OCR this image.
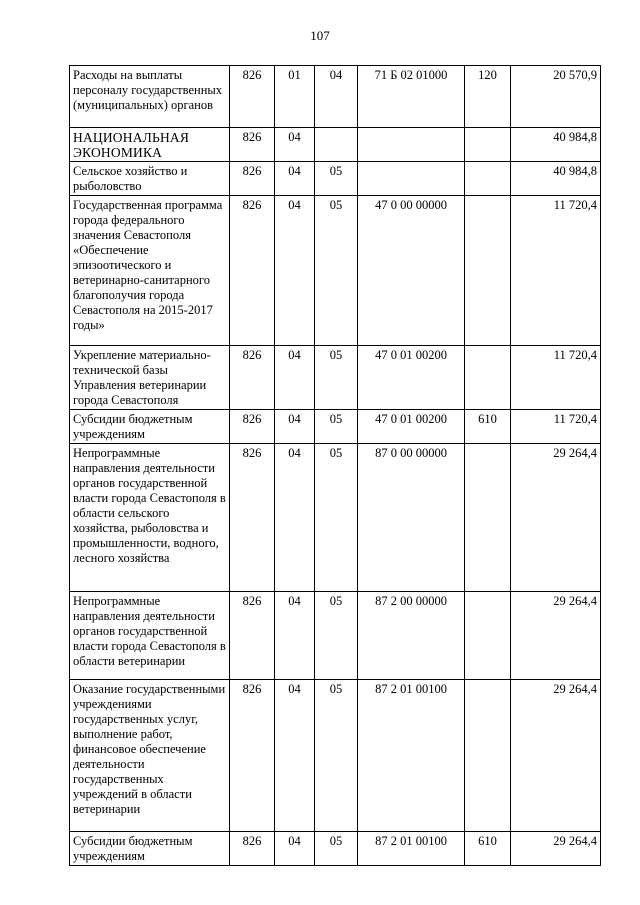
107
Расходы на выплаты персоналу государственных (муниципальных) органов	826	01	04	71 Б 02 01000	120	20 570,9
НАЦИОНАЛЬНАЯ ЭКОНОМИКА	826	04				40 984,8
Сельское хозяйство и рыболовство	826	04	05			40 984,8
Государственная программа города федерального значения Севастополя «Обеспечение эпизоотического и ветеринарно-санитарного благополучия города Севастополя на 2015-2017 годы»	826	04	05	47 0 00 00000		11 720,4
Укрепление материально-технической базы Управления ветеринарии города Севастополя	826	04	05	47 0 01 00200		11 720,4
Субсидии бюджетным учреждениям	826	04	05	47 0 01 00200	610	11 720,4
Непрограммные направления деятельности органов государственной власти города Севастополя в области сельского хозяйства, рыболовства и промышленности, водного, лесного хозяйства	826	04	05	87 0 00 00000		29 264,4
Непрограммные направления деятельности органов государственной власти города Севастополя в области ветеринарии	826	04	05	87 2 00 00000		29 264,4
Оказание государственными учреждениями государственных услуг, выполнение работ, финансовое обеспечение деятельности государственных учреждений в области ветеринарии	826	04	05	87 2 01 00100		29 264,4
Субсидии бюджетным учреждениям	826	04	05	87 2 01 00100	610	29 264,4
